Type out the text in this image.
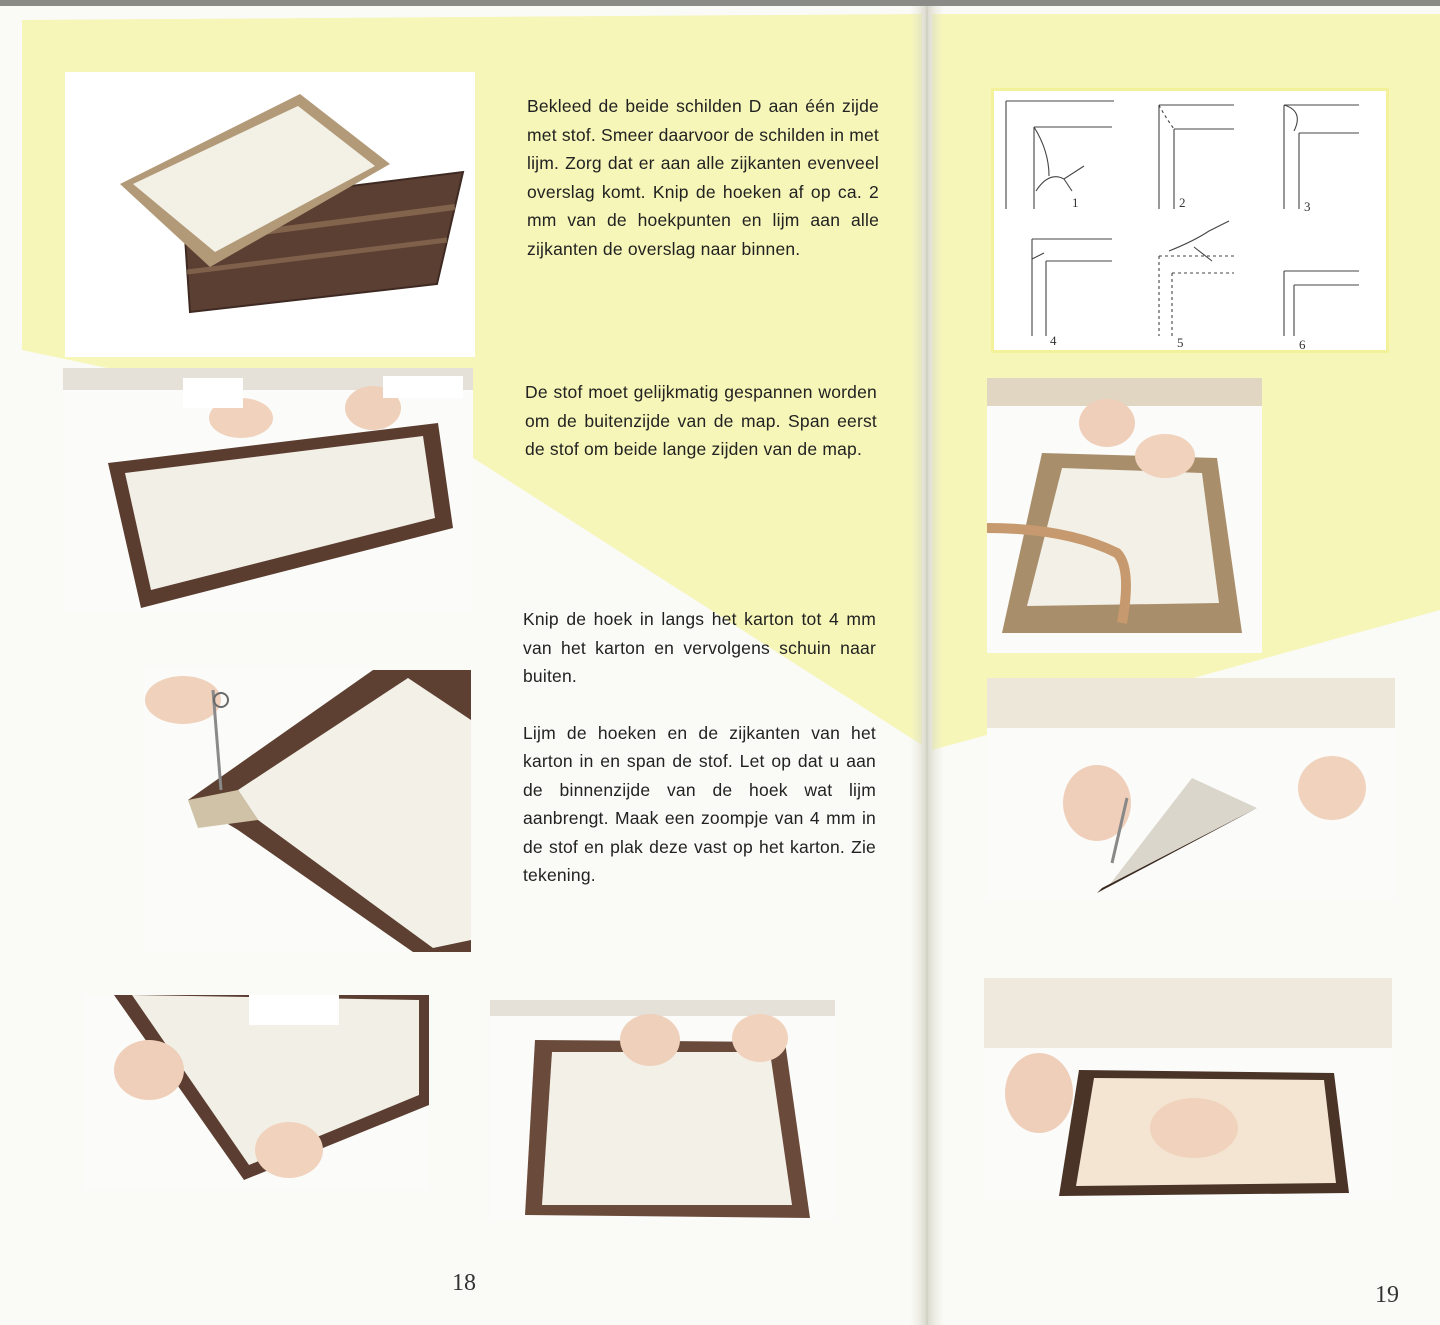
Bekleed de beide schilden D aan één zijde met stof. Smeer daarvoor de schilden in met lijm. Zorg dat er aan alle zijkanten evenveel overslag komt. Knip de hoeken af op ca. 2 mm van de hoekpunten en lijm aan alle zijkanten de overslag naar binnen.

De stof moet gelijkmatig gespannen worden om de buitenzijde van de map. Span eerst de stof om beide lange zijden van de map.

Knip de hoek in langs het karton tot 4 mm van het karton en vervolgens schuin naar buiten.

Lijm de hoeken en de zijkanten van het karton in en span de stof. Let op dat u aan de binnenzijde van de hoek wat lijm aanbrengt. Maak een zoompje van 4 mm in de stof en plak deze vast op het karton. Zie tekening.

18
1	2	3
4	5	6
19
